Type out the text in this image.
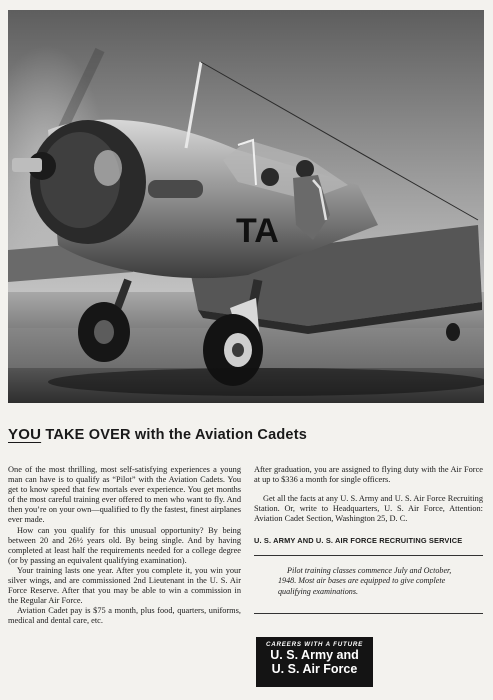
TA
YOU TAKE OVER with the Aviation Cadets

One of the most thrilling, most self-satisfying experiences a young man can have is to qualify as “Pilot” with the Aviation Cadets. You get to know speed that few mortals ever experience. You get months of the most careful training ever offered to men who want to fly. And then you’re on your own—qualified to fly the fastest, finest airplanes ever made.

How can you qualify for this unusual opportunity? By being between 20 and 26½ years old. By being single. And by having completed at least half the requirements needed for a college degree (or by passing an equivalent qualifying examination).

Your training lasts one year. After you complete it, you win your silver wings, and are commissioned 2nd Lieutenant in the U. S. Air Force Reserve. After that you may be able to win a commission in the Regular Air Force.

Aviation Cadet pay is $75 a month, plus food, quarters, uniforms, medical and dental care, etc.

After graduation, you are assigned to flying duty with the Air Force at up to $336 a month for single officers.

Get all the facts at any U. S. Army and U. S. Air Force Recruiting Station. Or, write to Headquarters, U. S. Air Force, Attention: Aviation Cadet Section, Washington 25, D. C.

U. S. ARMY AND U. S. AIR FORCE RECRUITING SERVICE

Pilot training classes commence July and October, 1948. Most air bases are equipped to give complete qualifying examinations.

CAREERS WITH A FUTURE
U. S. Army and
U. S. Air Force
